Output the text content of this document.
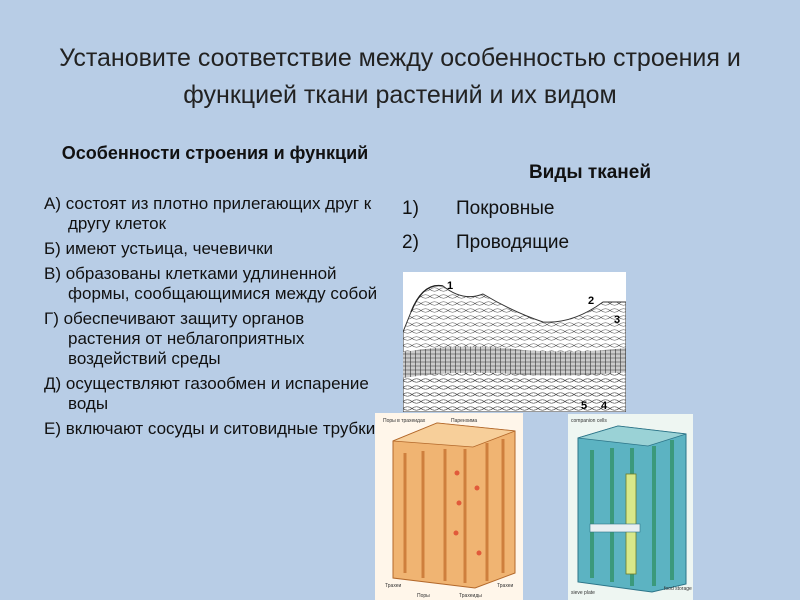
Установите соответствие между особенностью строения и функцией ткани растений и их видом
Особенности строения и функций
А) состоят из плотно прилегающих друг к другу клеток
Б) имеют устьица, чечевички
В) образованы клетками удлиненной формы, сообщающимися между собой
Г) обеспечивают защиту органов растения от неблагоприятных воздействий среды
Д) осуществляют газообмен и испарение воды
Е) включают сосуды и ситовидные трубки
Виды тканей
1)	Покровные
2)	Проводящие
1
2
3
4
5
Поры в трахеидах	Паренхима
Трахеи
Поры	Трахеиды
Трахеи
companion cells
sieve plate
food storage
